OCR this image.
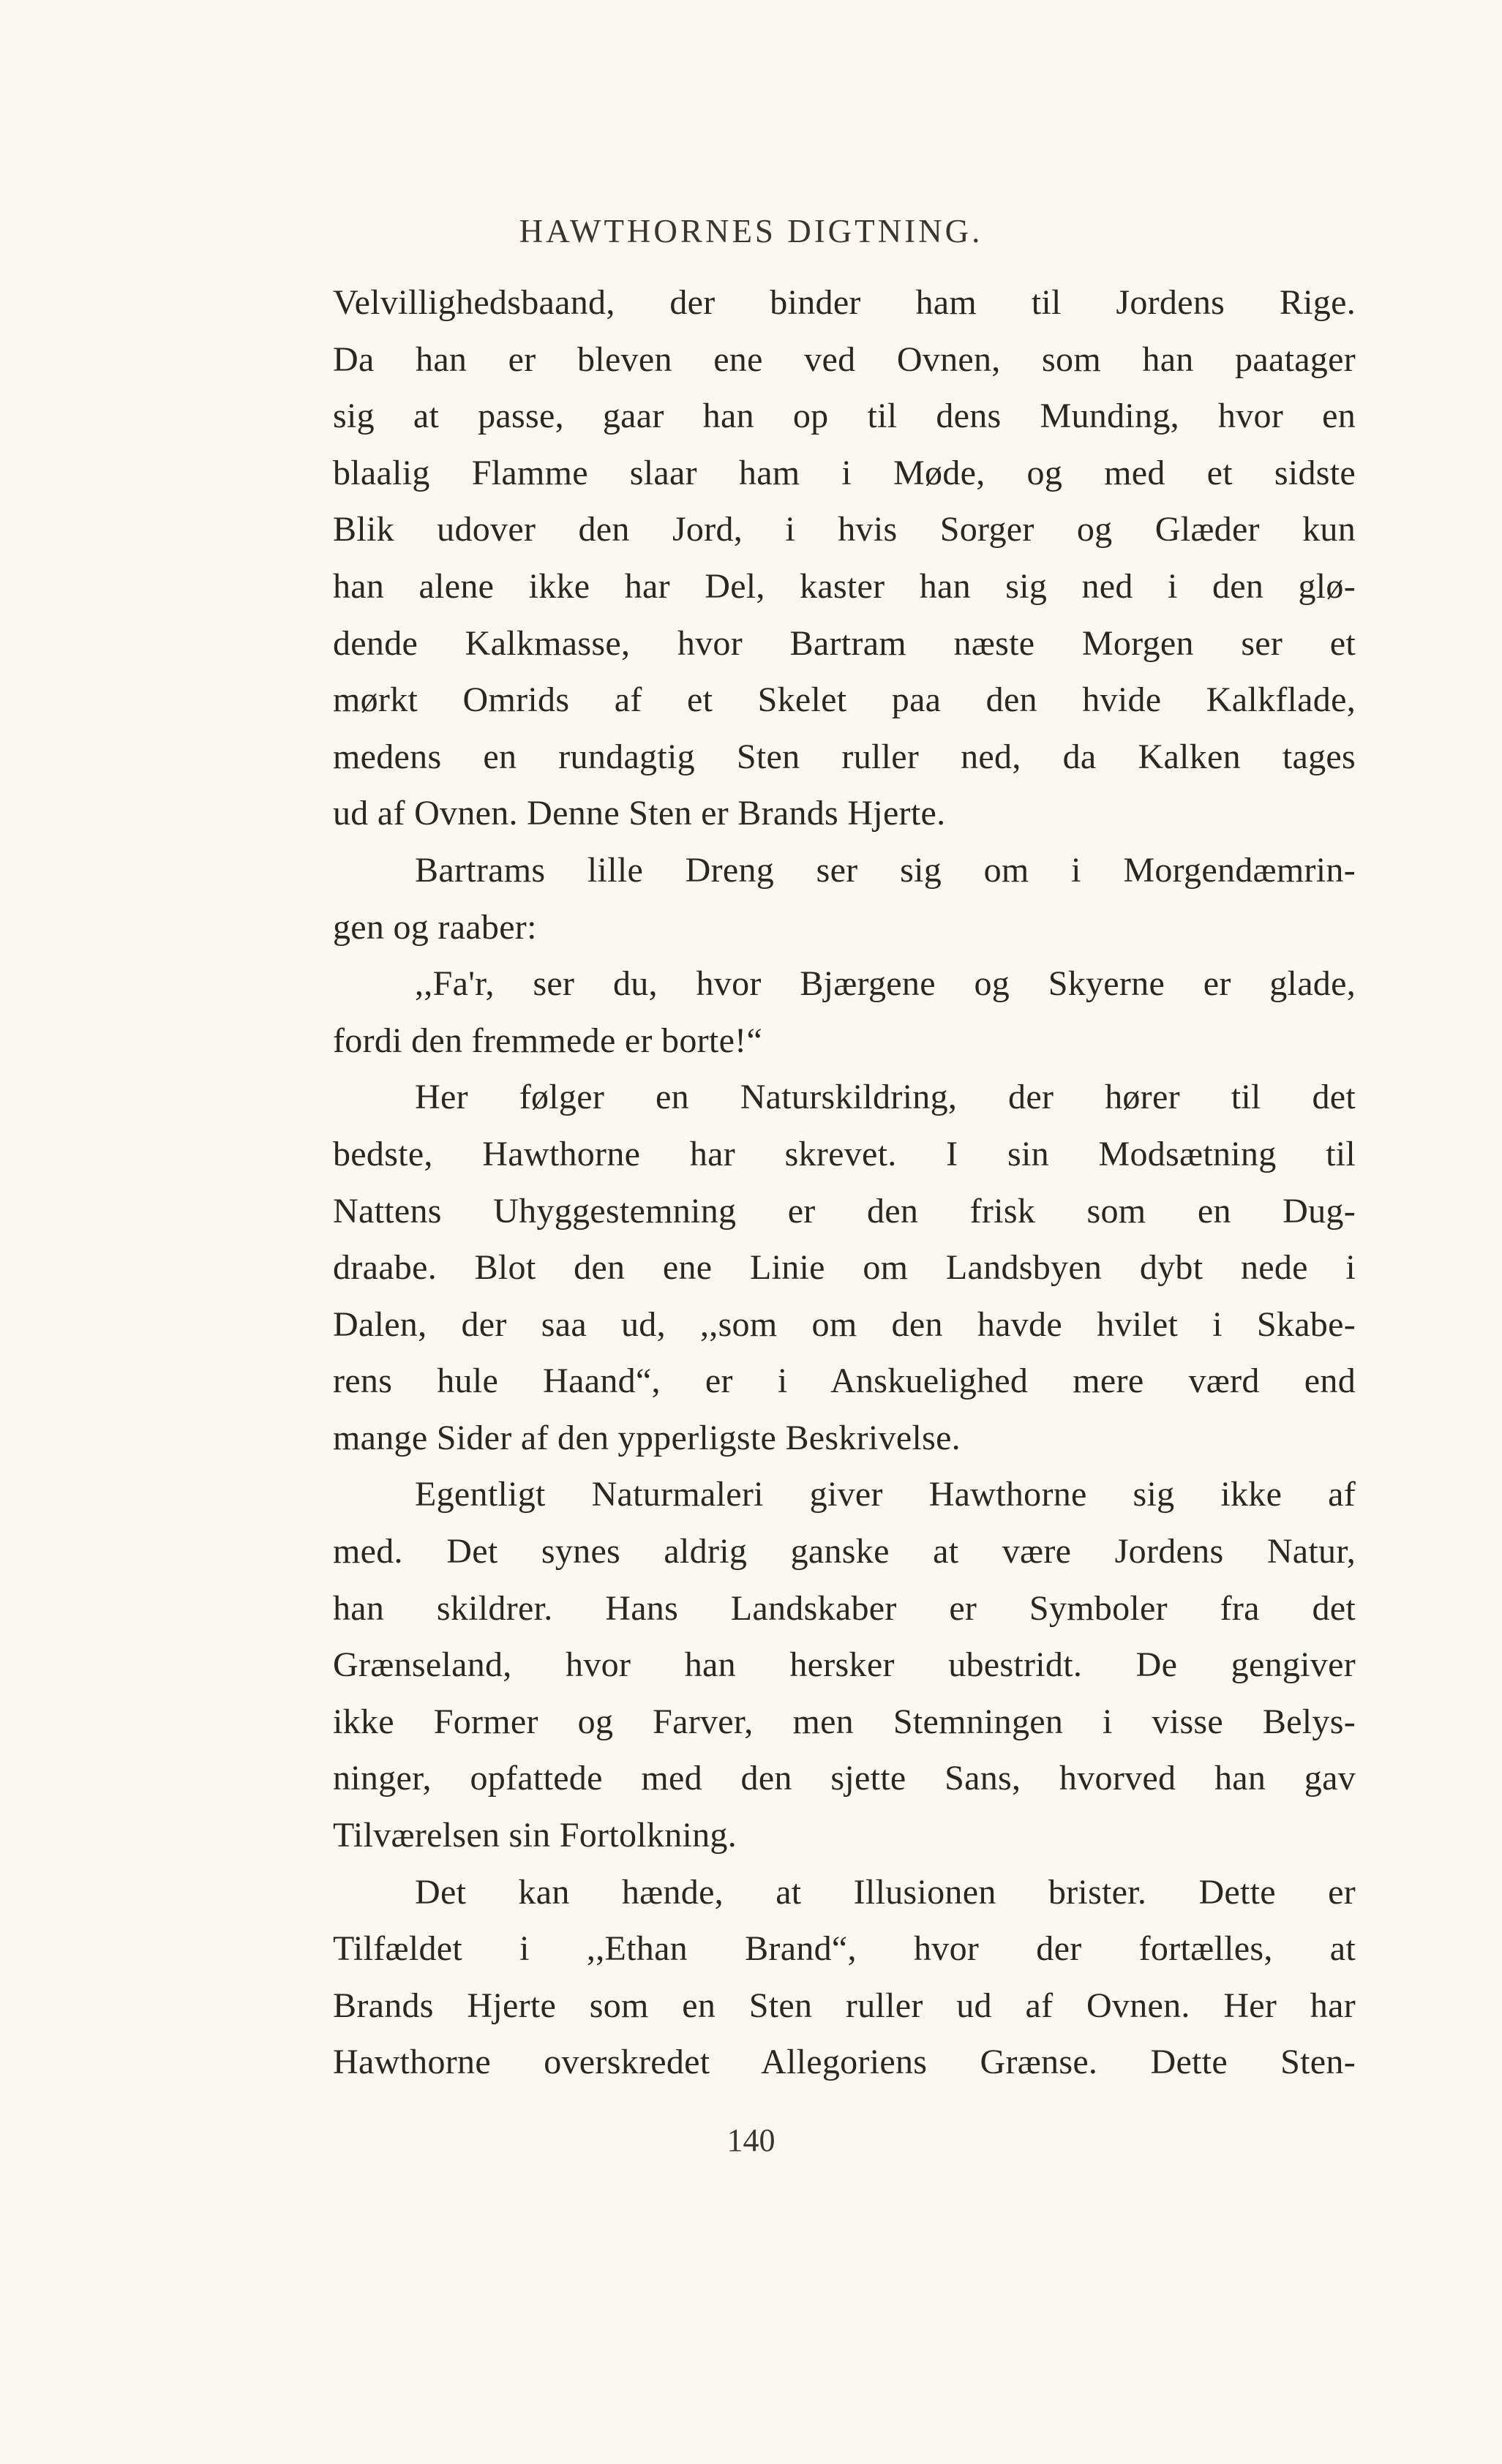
HAWTHORNES DIGTNING.
Velvillighedsbaand, der binder ham til Jordens Rige.
Da han er bleven ene ved Ovnen, som han paatager
sig at passe, gaar han op til dens Munding, hvor en
blaalig Flamme slaar ham i Møde, og med et sidste
Blik udover den Jord, i hvis Sorger og Glæder kun
han alene ikke har Del, kaster han sig ned i den glø-
dende Kalkmasse, hvor Bartram næste Morgen ser et
mørkt Omrids af et Skelet paa den hvide Kalkflade,
medens en rundagtig Sten ruller ned, da Kalken tages
ud af Ovnen. Denne Sten er Brands Hjerte.
Bartrams lille Dreng ser sig om i Morgendæmrin-
gen og raaber:
,,Fa'r, ser du, hvor Bjærgene og Skyerne er glade,
fordi den fremmede er borte!“
Her følger en Naturskildring, der hører til det
bedste, Hawthorne har skrevet. I sin Modsætning til
Nattens Uhyggestemning er den frisk som en Dug-
draabe. Blot den ene Linie om Landsbyen dybt nede i
Dalen, der saa ud, ,,som om den havde hvilet i Skabe-
rens hule Haand“, er i Anskuelighed mere værd end
mange Sider af den ypperligste Beskrivelse.
Egentligt Naturmaleri giver Hawthorne sig ikke af
med. Det synes aldrig ganske at være Jordens Natur,
han skildrer. Hans Landskaber er Symboler fra det
Grænseland, hvor han hersker ubestridt. De gengiver
ikke Former og Farver, men Stemningen i visse Belys-
ninger, opfattede med den sjette Sans, hvorved han gav
Tilværelsen sin Fortolkning.
Det kan hænde, at Illusionen brister. Dette er
Tilfældet i ,,Ethan Brand“, hvor der fortælles, at
Brands Hjerte som en Sten ruller ud af Ovnen. Her har
Hawthorne overskredet Allegoriens Grænse. Dette Sten-
140
